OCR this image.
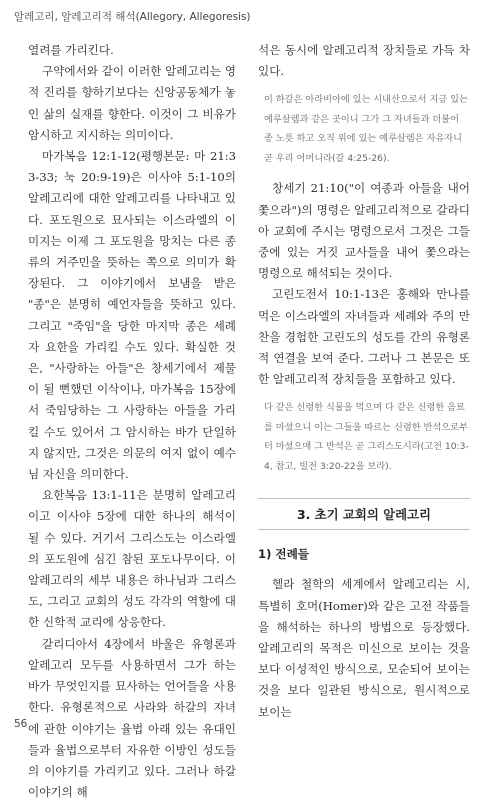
알레고리, 알레고리적 해석(Allegory, Allegoresis)

열려를 가리킨다.

구약에서와 같이 이러한 알레고리는 영적 진리를 향하기보다는 신앙공동체가 놓인 삶의 실재를 향한다. 이것이 그 비유가 암시하고 지시하는 의미이다.

마가복음 12:1-12(평행본문: 마 21:33-33; 눅 20:9-19)은 이사야 5:1-10의 알레고리에 대한 알레고리를 나타내고 있다. 포도원으로 묘사되는 이스라엘의 이미지는 이제 그 포도원을 망치는 다른 종류의 거주민을 뜻하는 쪽으로 의미가 확장된다. 그 이야기에서 보냄을 받은 "종"은 분명히 예언자들을 뜻하고 있다. 그리고 "죽임"을 당한 마지막 종은 세례자 요한을 가리킬 수도 있다. 확실한 것은, "사랑하는 아들"은 창세기에서 제물이 될 뻔했던 이삭이나, 마가복음 15장에서 죽임당하는 그 사랑하는 아들을 가리킬 수도 있어서 그 암시하는 바가 단일하지 않지만, 그것은 의문의 여지 없이 예수님 자신을 의미한다.

요한복음 13:1-11은 분명히 알레고리이고 이사야 5장에 대한 하나의 해석이 될 수 있다. 거기서 그리스도는 이스라엘의 포도원에 심긴 참된 포도나무이다. 이 알레고리의 세부 내용은 하나님과 그리스도, 그리고 교회의 성도 각각의 역할에 대한 신학적 교리에 상응한다.

갈리디아서 4장에서 바울은 유형론과 알레고리 모두를 사용하면서 그가 하는 바가 무엇인지를 묘사하는 언어들을 사용한다. 유형론적으로 사라와 하갈의 자녀에 관한 이야기는 율법 아래 있는 유대인들과 율법으로부터 자유한 이방인 성도들의 이야기를 가리키고 있다. 그러나 하갈 이야기의 해

석은 동시에 알레고리적 장치들로 가득 차 있다.

이 하갈은 아라비아에 있는 시내산으로서 지금 있는 예루살렘과 같은 곳이니 그가 그 자녀들과 더불어 종 노릇 하고 오직 위에 있는 예루살렘은 자유자니 곧 우리 어머니라(갈 4:25-26).

창세기 21:10("이 여종과 아들을 내어쫓으라")의 명령은 알레고리적으로 갈라디아 교회에 주시는 명령으로서 그것은 그들 중에 있는 거짓 교사들을 내어 쫓으라는 명령으로 해석되는 것이다.

고린도전서 10:1-13은 홍해와 만나를 먹은 이스라엘의 자녀들과 세례와 주의 만찬을 경험한 고린도의 성도를 간의 유형론적 연결을 보여 준다. 그러나 그 본문은 또한 알레고리적 장치들을 포함하고 있다.

다 같은 신령한 식물을 먹으며 다 같은 신령한 음료를 마셨으니 이는 그들을 따르는 신령한 반석으로부터 마셨으매 그 반석은 곧 그리스도시라(고전 10:3-4, 참고, 빌전 3:20-22을 보라).
3. 초기 교회의 알레고리
1) 전례들

헬라 철학의 세계에서 알레고리는 시, 특별히 호머(Homer)와 같은 고전 작품들을 해석하는 하나의 방법으로 등장했다. 알레고리의 목적은 미신으로 보이는 것을 보다 이성적인 방식으로, 모순되어 보이는 것을 보다 일관된 방식으로, 원시적으로 보이는

56
